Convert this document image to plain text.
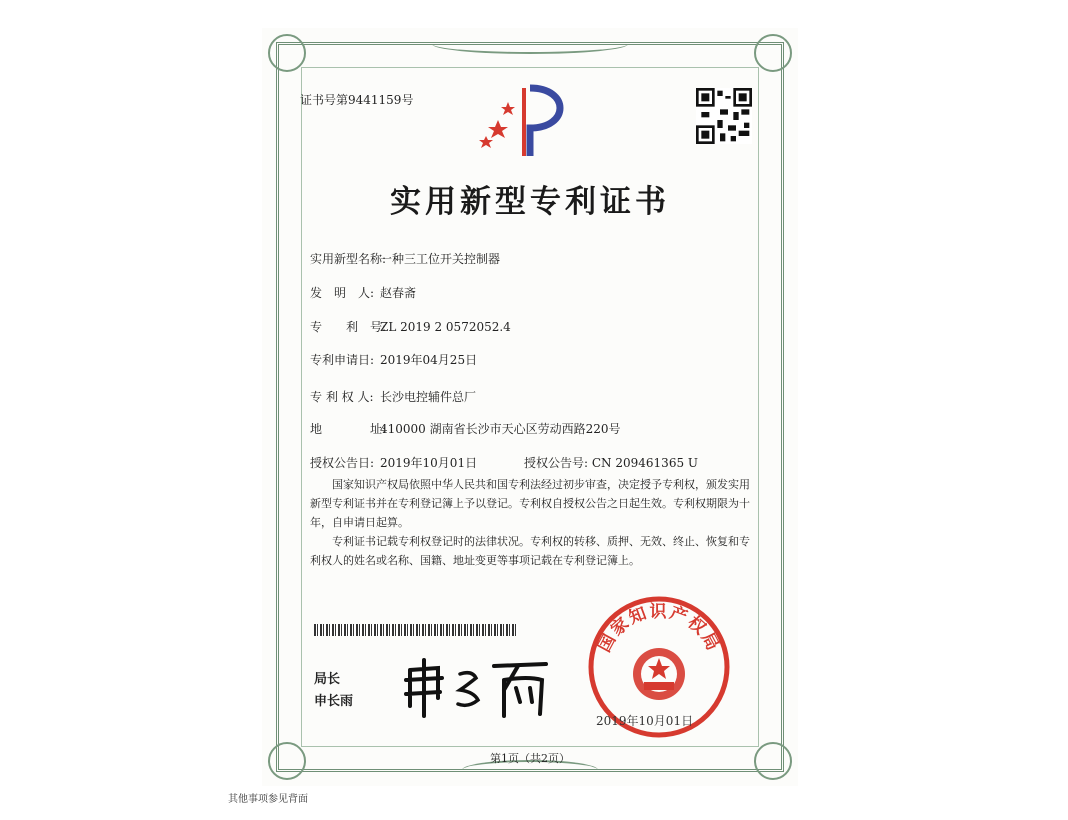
证书号第9441159号
实用新型专利证书
实用新型名称:一种三工位开关控制器
发　明　人: 赵春斋
专　　利　号:ZL 2019 2 0572052.4
专利申请日: 2019年04月25日
专 利 权 人: 长沙电控辅件总厂
地　　　　址:410000 湖南省长沙市天心区劳动西路220号
授权公告日: 2019年10月01日	授权公告号: CN 209461365 U
国家知识产权局依照中华人民共和国专利法经过初步审查，决定授予专利权，颁发实用新型专利证书并在专利登记簿上予以登记。专利权自授权公告之日起生效。专利权期限为十年，自申请日起算。
专利证书记载专利权登记时的法律状况。专利权的转移、质押、无效、终止、恢复和专利权人的姓名或名称、国籍、地址变更等事项记载在专利登记簿上。
局长
申长雨
国家知识产权局
2019年10月01日
第1页（共2页）
其他事项参见背面
